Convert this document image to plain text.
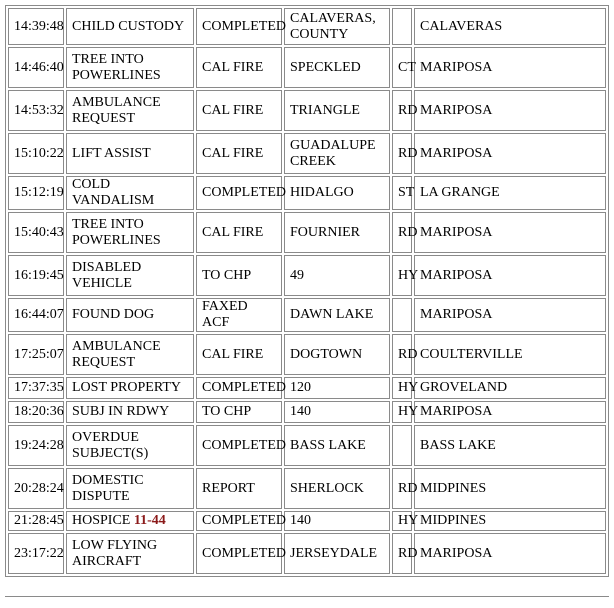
14:39:48	CHILD CUSTODY	COMPLETED	CALAVERAS, COUNTY		CALAVERAS
14:46:40	TREE INTO POWERLINES	CAL FIRE	SPECKLED	CT	MARIPOSA
14:53:32	AMBULANCE REQUEST	CAL FIRE	TRIANGLE	RD	MARIPOSA
15:10:22	LIFT ASSIST	CAL FIRE	GUADALUPE CREEK	RD	MARIPOSA
15:12:19	COLD VANDALISM	COMPLETED	HIDALGO	ST	LA GRANGE
15:40:43	TREE INTO POWERLINES	CAL FIRE	FOURNIER	RD	MARIPOSA
16:19:45	DISABLED VEHICLE	TO CHP	49	HY	MARIPOSA
16:44:07	FOUND DOG	FAXED ACF	DAWN LAKE		MARIPOSA
17:25:07	AMBULANCE REQUEST	CAL FIRE	DOGTOWN	RD	COULTERVILLE
17:37:35	LOST PROPERTY	COMPLETED	120	HY	GROVELAND
18:20:36	SUBJ IN RDWY	TO CHP	140	HY	MARIPOSA
19:24:28	OVERDUE SUBJECT(S)	COMPLETED	BASS LAKE		BASS LAKE
20:28:24	DOMESTIC DISPUTE	REPORT	SHERLOCK	RD	MIDPINES
21:28:45	HOSPICE 11-44	COMPLETED	140	HY	MIDPINES
23:17:22	LOW FLYING AIRCRAFT	COMPLETED	JERSEYDALE	RD	MARIPOSA
